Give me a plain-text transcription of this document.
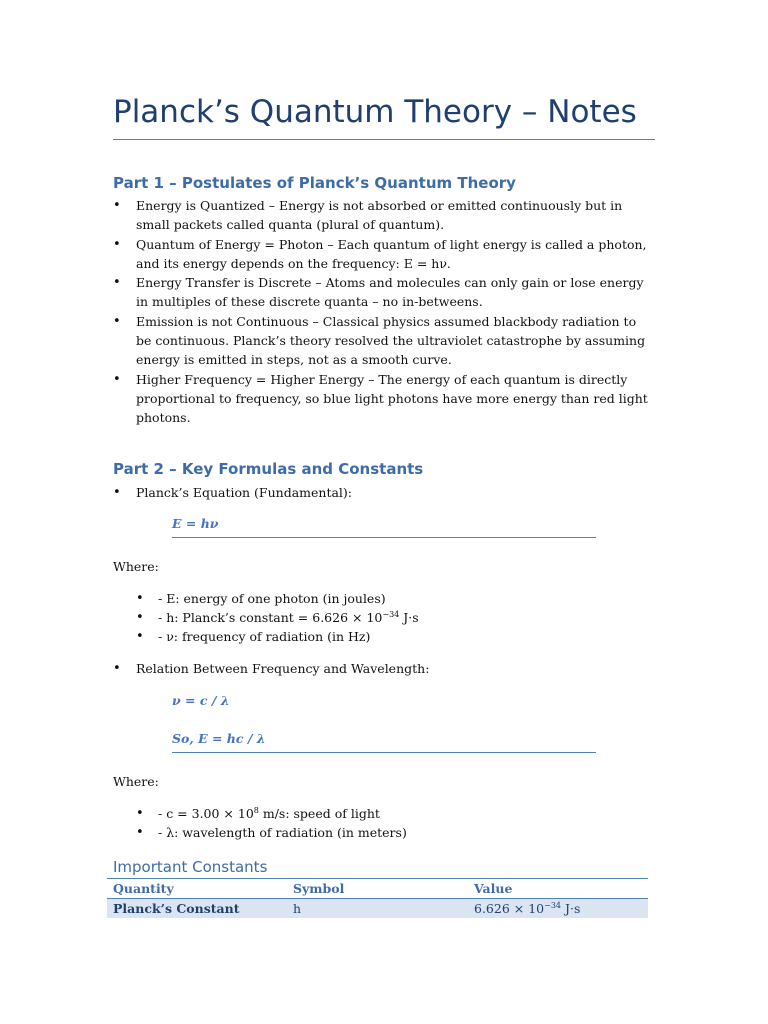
Planck’s Quantum Theory – Notes
Part 1 – Postulates of Planck’s Quantum Theory
• Energy is Quantized – Energy is not absorbed or emitted continuously but in small packets called quanta (plural of quantum).
• Quantum of Energy = Photon – Each quantum of light energy is called a photon, and its energy depends on the frequency: E = hν.
• Energy Transfer is Discrete – Atoms and molecules can only gain or lose energy in multiples of these discrete quanta – no in-betweens.
• Emission is not Continuous – Classical physics assumed blackbody radiation to be continuous. Planck’s theory resolved the ultraviolet catastrophe by assuming energy is emitted in steps, not as a smooth curve.
• Higher Frequency = Higher Energy – The energy of each quantum is directly proportional to frequency, so blue light photons have more energy than red light photons.
Part 2 – Key Formulas and Constants
• Planck’s Equation (Fundamental):
E = hν
Where:
• - E: energy of one photon (in joules)
• - h: Planck’s constant = $6.626 \times 10^{-34}$ J·s
• - ν: frequency of radiation (in Hz)
• Relation Between Frequency and Wavelength:
ν = c / λ
So, E = hc / λ
Where:
• - $c = 3.00 \times 10^8$ m/s: speed of light
• - λ: wavelength of radiation (in meters)
Important Constants
Quantity	Symbol	Value
Planck’s Constant	h	$6.626 \times 10^{-34}$ J·s
